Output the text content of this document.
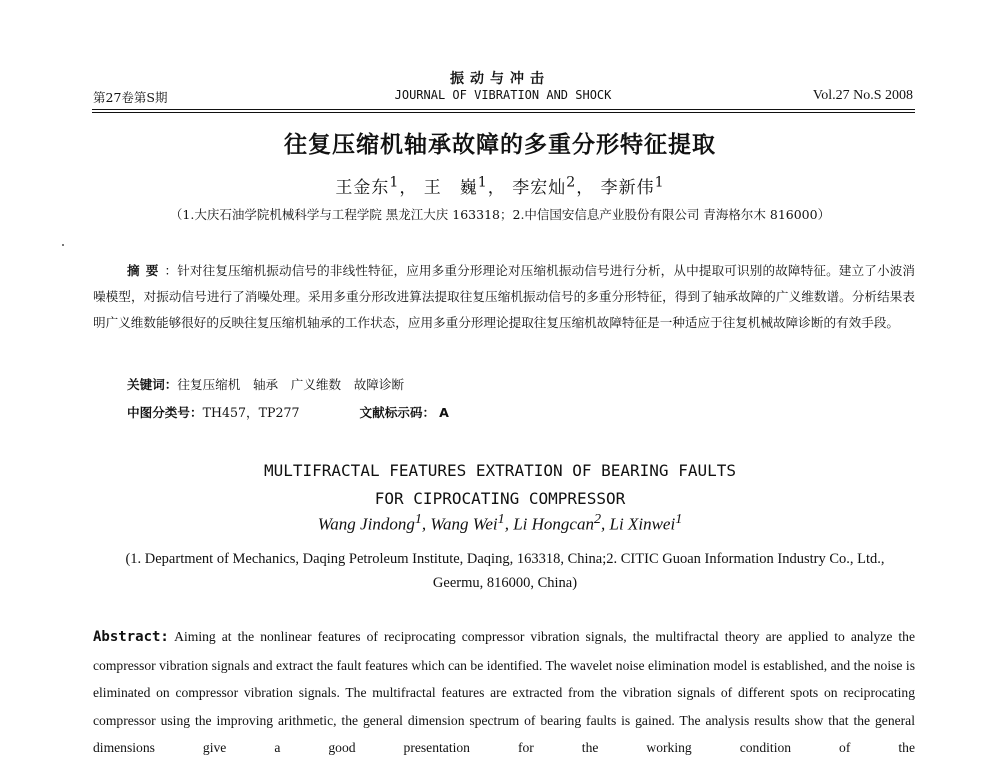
振动与冲击
第27卷第S期	JOURNAL OF VIBRATION AND SHOCK	Vol.27 No.S 2008
往复压缩机轴承故障的多重分形特征提取
王金东$^1$， 王　巍$^1$， 李宏灿$^2$， 李新伟$^1$
（1.大庆石油学院机械科学与工程学院 黑龙江大庆 163318；2.中信国安信息产业股份有限公司 青海格尔木 816000）
摘要：针对往复压缩机振动信号的非线性特征，应用多重分形理论对压缩机振动信号进行分析，从中提取可识别的故障特征。建立了小波消噪模型，对振动信号进行了消噪处理。采用多重分形改进算法提取往复压缩机振动信号的多重分形特征，得到了轴承故障的广义维数谱。分析结果表明广义维数能够很好的反映往复压缩机轴承的工作状态，应用多重分形理论提取往复压缩机故障特征是一种适应于往复机械故障诊断的有效手段。
关键词：往复压缩机　轴承　广义维数　故障诊断
中图分类号：TH457，TP277	文献标示码： A
MULTIFRACTAL FEATURES EXTRATION OF BEARING FAULTS
FOR CIPROCATING COMPRESSOR
Wang Jindong$^1$, Wang Wei$^1$, Li Hongcan$^2$, Li Xinwei$^1$
(1. Department of Mechanics, Daqing Petroleum Institute, Daqing, 163318, China;2. CITIC Guoan Information Industry Co., Ltd.,
Geermu, 816000, China)
Abstract: Aiming at the nonlinear features of reciprocating compressor vibration signals, the multifractal theory are applied to analyze the compressor vibration signals and extract the fault features which can be identified. The wavelet noise elimination model is established, and the noise is eliminated on compressor vibration signals. The multifractal features are extracted from the vibration signals of different spots on reciprocating compressor using the improving arithmetic, the general dimension spectrum of bearing faults is gained. The analysis results show that the general dimensions give a good presentation for the working condition of the
